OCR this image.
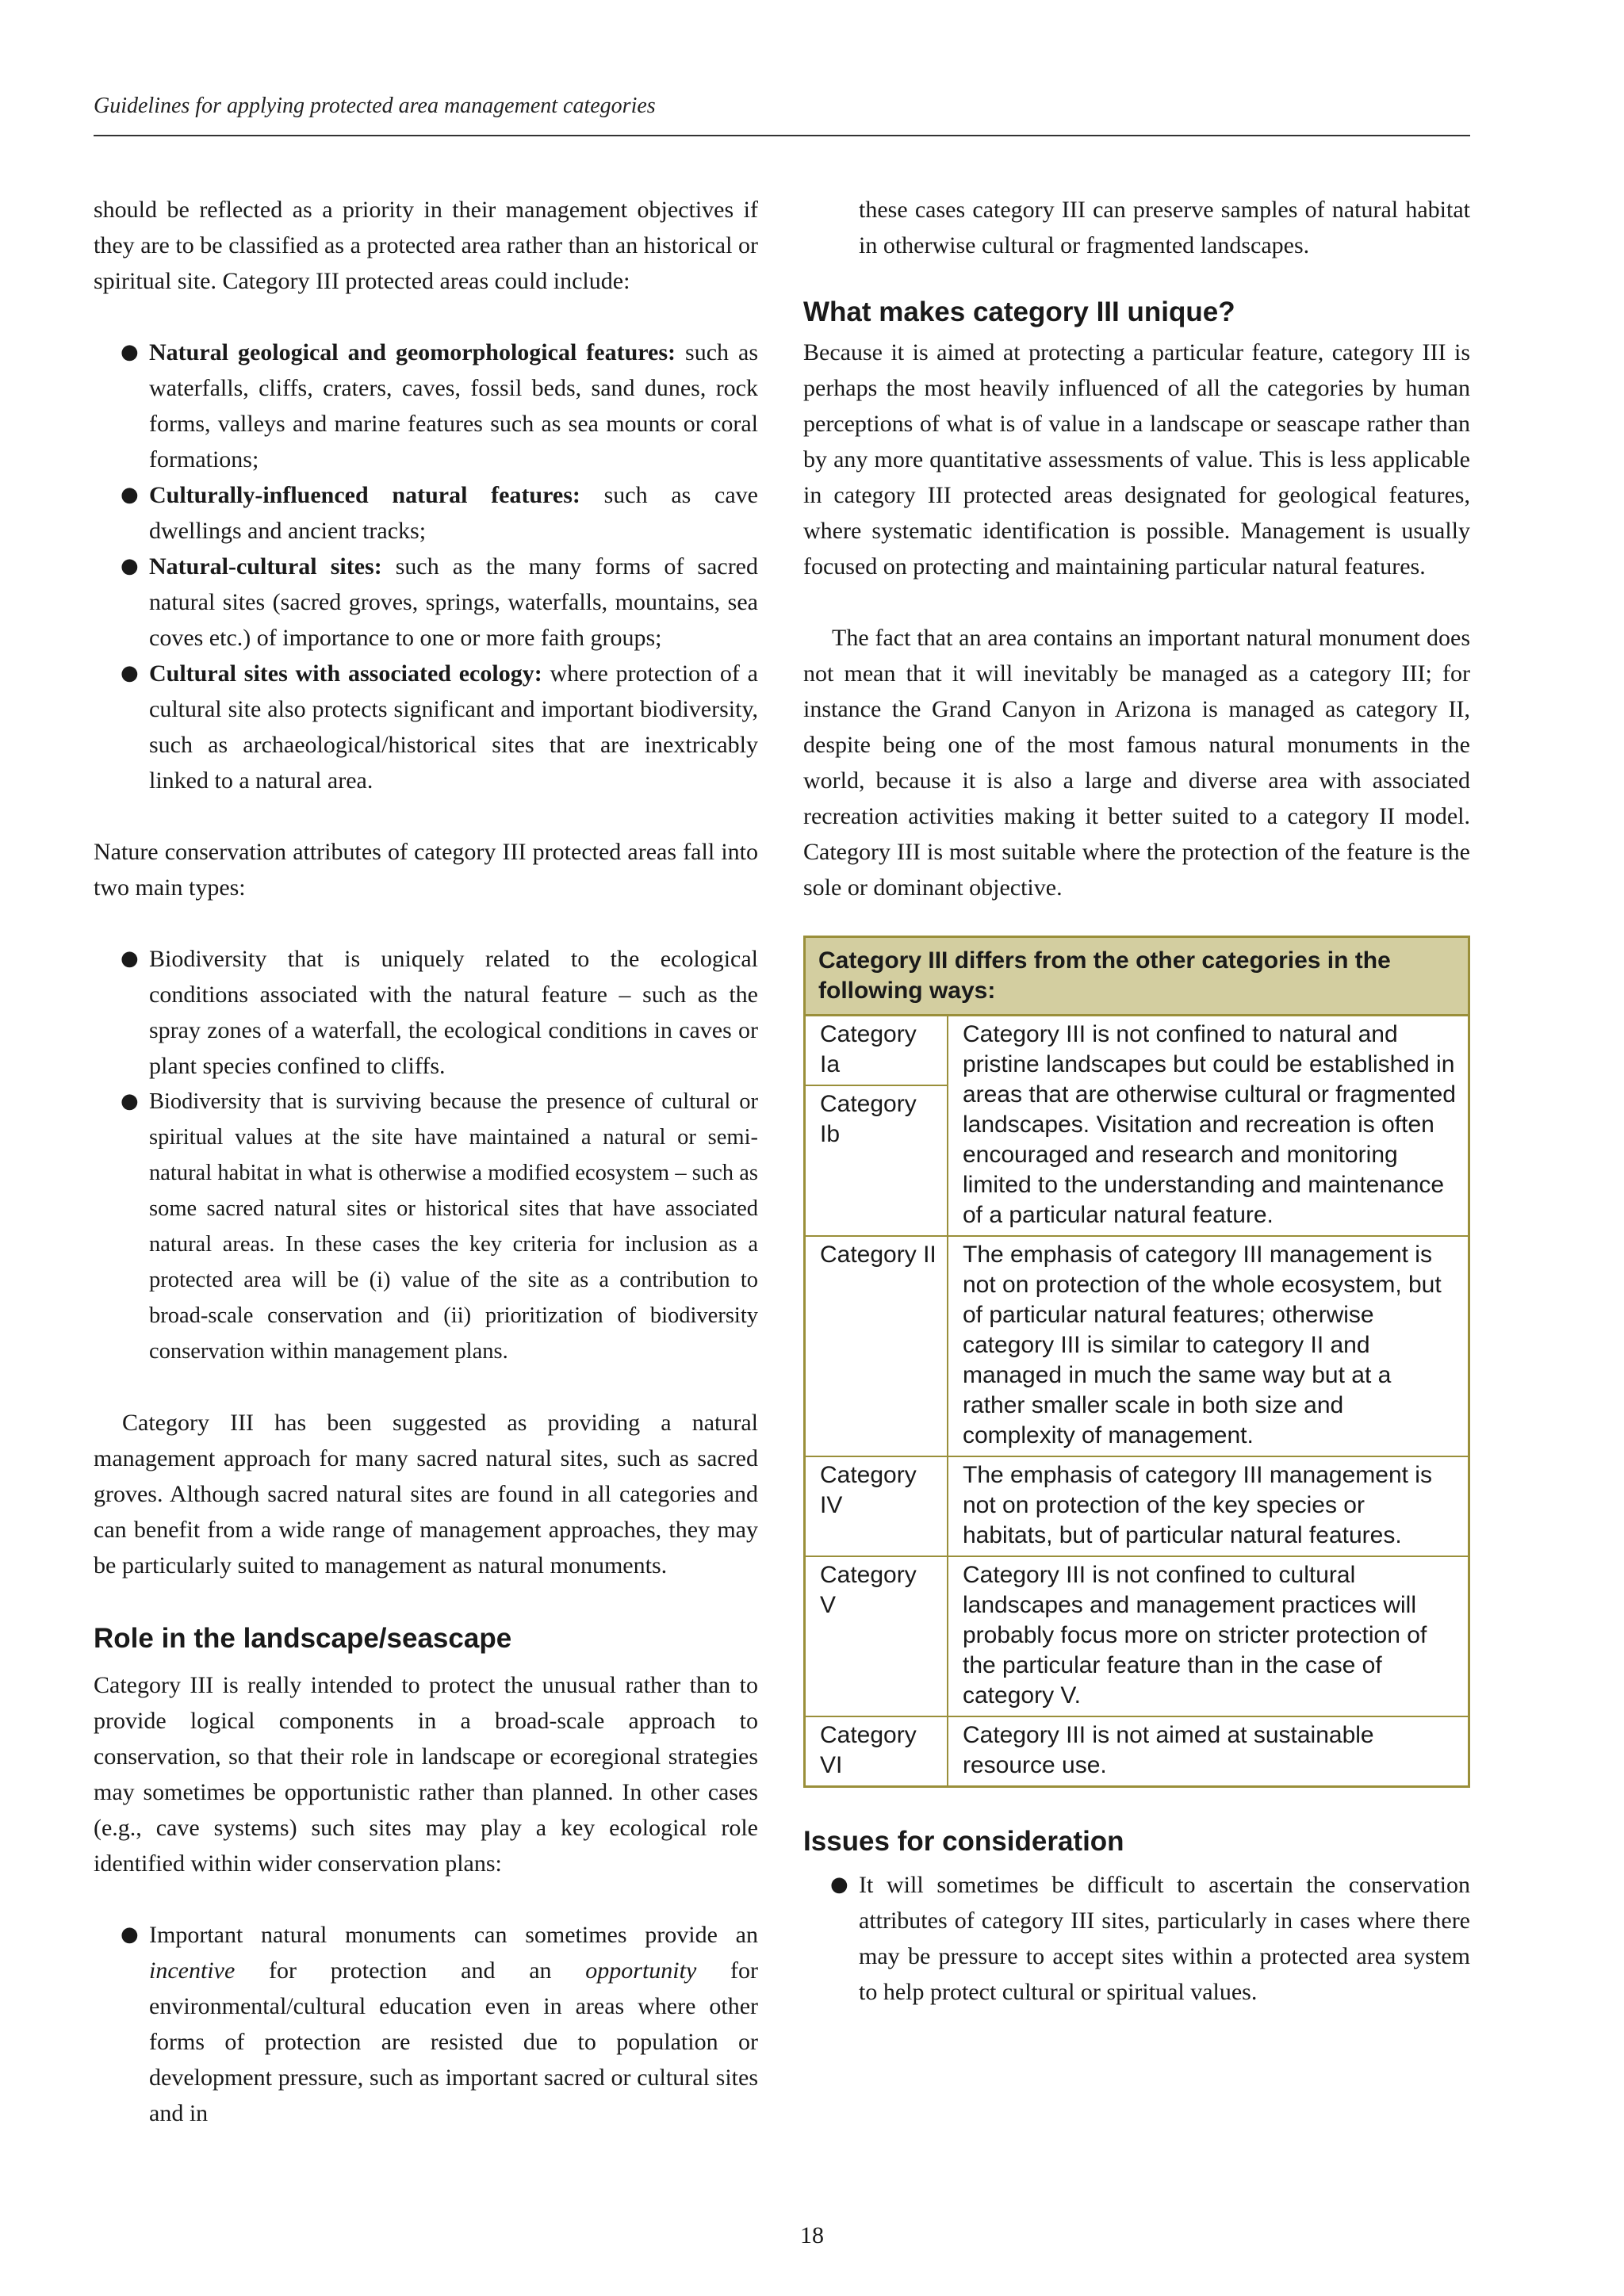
Guidelines for applying protected area management categories

should be reflected as a priority in their management objectives if they are to be classified as a protected area rather than an historical or spiritual site. Category III protected areas could include:

● Natural geological and geomorphological features: such as waterfalls, cliffs, craters, caves, fossil beds, sand dunes, rock forms, valleys and marine features such as sea mounts or coral formations;
● Culturally-influenced natural features: such as cave dwellings and ancient tracks;
● Natural-cultural sites: such as the many forms of sacred natural sites (sacred groves, springs, waterfalls, mountains, sea coves etc.) of importance to one or more faith groups;
● Cultural sites with associated ecology: where protection of a cultural site also protects significant and important biodiversity, such as archaeological/historical sites that are inextricably linked to a natural area.

Nature conservation attributes of category III protected areas fall into two main types:

● Biodiversity that is uniquely related to the ecological conditions associated with the natural feature – such as the spray zones of a waterfall, the ecological conditions in caves or plant species confined to cliffs.
● Biodiversity that is surviving because the presence of cultural or spiritual values at the site have maintained a natural or semi-natural habitat in what is otherwise a modified ecosystem – such as some sacred natural sites or historical sites that have associated natural areas. In these cases the key criteria for inclusion as a protected area will be (i) value of the site as a contribution to broad-scale conservation and (ii) prioritization of biodiversity conservation within management plans.

Category III has been suggested as providing a natural management approach for many sacred natural sites, such as sacred groves. Although sacred natural sites are found in all categories and can benefit from a wide range of management approaches, they may be particularly suited to management as natural monuments.

Role in the landscape/seascape

Category III is really intended to protect the unusual rather than to provide logical components in a broad-scale approach to conservation, so that their role in landscape or ecoregional strategies may sometimes be opportunistic rather than planned. In other cases (e.g., cave systems) such sites may play a key ecological role identified within wider conservation plans:

● Important natural monuments can sometimes provide an incentive for protection and an opportunity for environmental/cultural education even in areas where other forms of protection are resisted due to population or development pressure, such as important sacred or cultural sites and in

these cases category III can preserve samples of natural habitat in otherwise cultural or fragmented landscapes.

What makes category III unique?

Because it is aimed at protecting a particular feature, category III is perhaps the most heavily influenced of all the categories by human perceptions of what is of value in a landscape or seascape rather than by any more quantitative assessments of value. This is less applicable in category III protected areas designated for geological features, where systematic identification is possible. Management is usually focused on protecting and maintaining particular natural features.

The fact that an area contains an important natural monument does not mean that it will inevitably be managed as a category III; for instance the Grand Canyon in Arizona is managed as category II, despite being one of the most famous natural monuments in the world, because it is also a large and diverse area with associated recreation activities making it better suited to a category II model. Category III is most suitable where the protection of the feature is the sole or dominant objective.

Category III differs from the other categories in the following ways:
Category Ia
Category Ib	Category III is not confined to natural and pristine landscapes but could be established in areas that are otherwise cultural or fragmented landscapes. Visitation and recreation is often encouraged and research and monitoring limited to the understanding and maintenance of a particular natural feature.
Category II	The emphasis of category III management is not on protection of the whole ecosystem, but of particular natural features; otherwise category III is similar to category II and managed in much the same way but at a rather smaller scale in both size and complexity of management.
Category IV	The emphasis of category III management is not on protection of the key species or habitats, but of particular natural features.
Category V	Category III is not confined to cultural landscapes and management practices will probably focus more on stricter protection of the particular feature than in the case of category V.
Category VI	Category III is not aimed at sustainable resource use.
Issues for consideration
● It will sometimes be difficult to ascertain the conservation attributes of category III sites, particularly in cases where there may be pressure to accept sites within a protected area system to help protect cultural or spiritual values.
18
